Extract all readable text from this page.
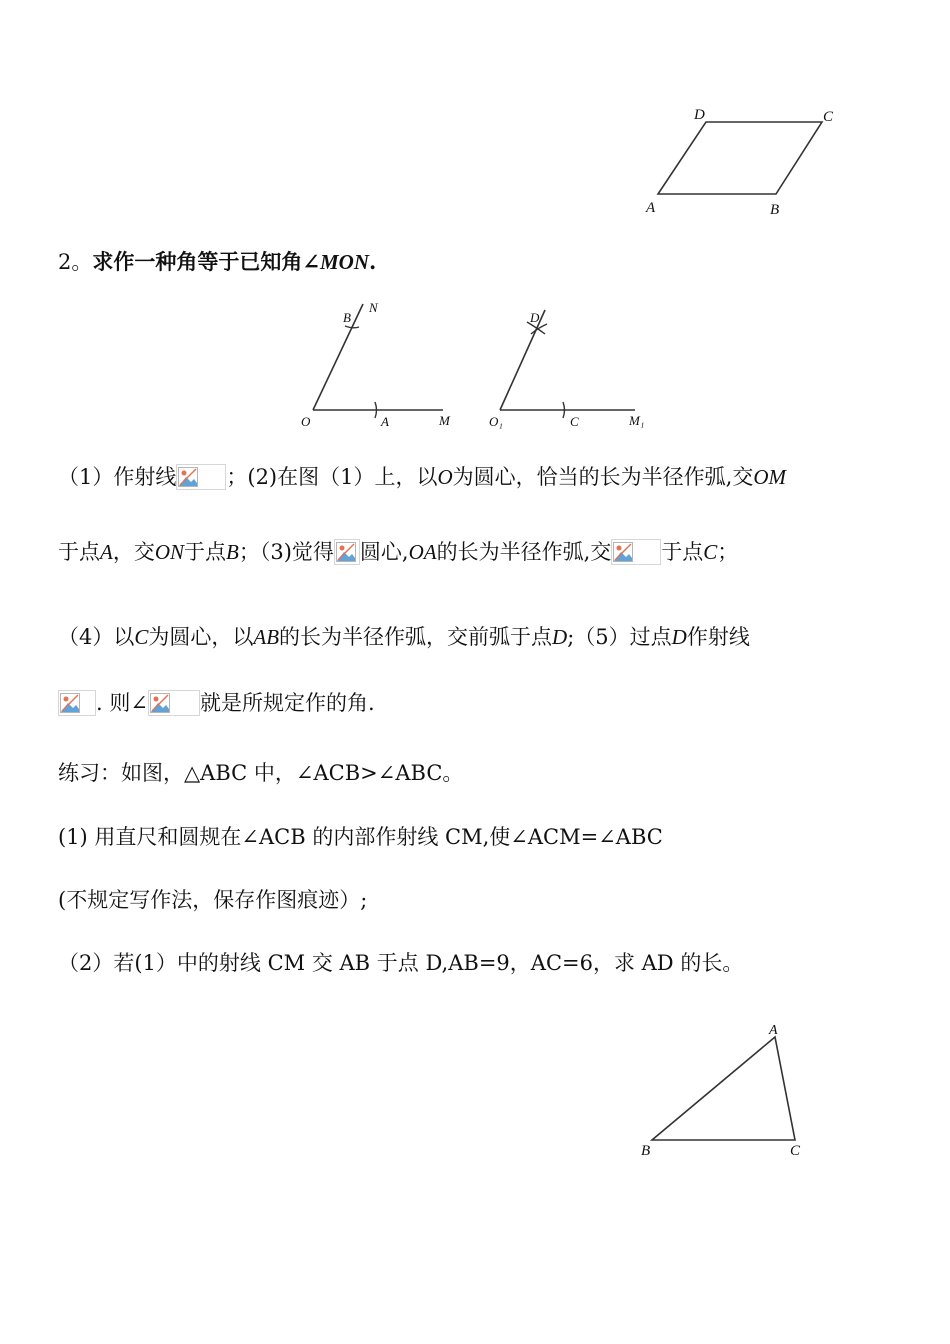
D	C
A	B
2。求作一种角等于已知角∠MON.
B
N
O	A	M
D
O₁	C	M₁
（1）作射线 ；(2)在图（1）上，以O为圆心，恰当的长为半径作弧,交OM
于点A，交ON于点B；（3)觉得 圆心,OA的长为半径作弧,交 于点C；
（4）以C为圆心，以AB的长为半径作弧，交前弧于点D;（5）过点D作射线
. 则∠ 就是所规定作的角.
练习：如图，△ABC 中，∠ACB>∠ABC。
(1) 用直尺和圆规在∠ACB 的内部作射线 CM,使∠ACM=∠ABC
(不规定写作法，保存作图痕迹）;
（2）若(1）中的射线 CM 交 AB 于点 D,AB=9，AC=6，求 AD 的长。
A
B	C
